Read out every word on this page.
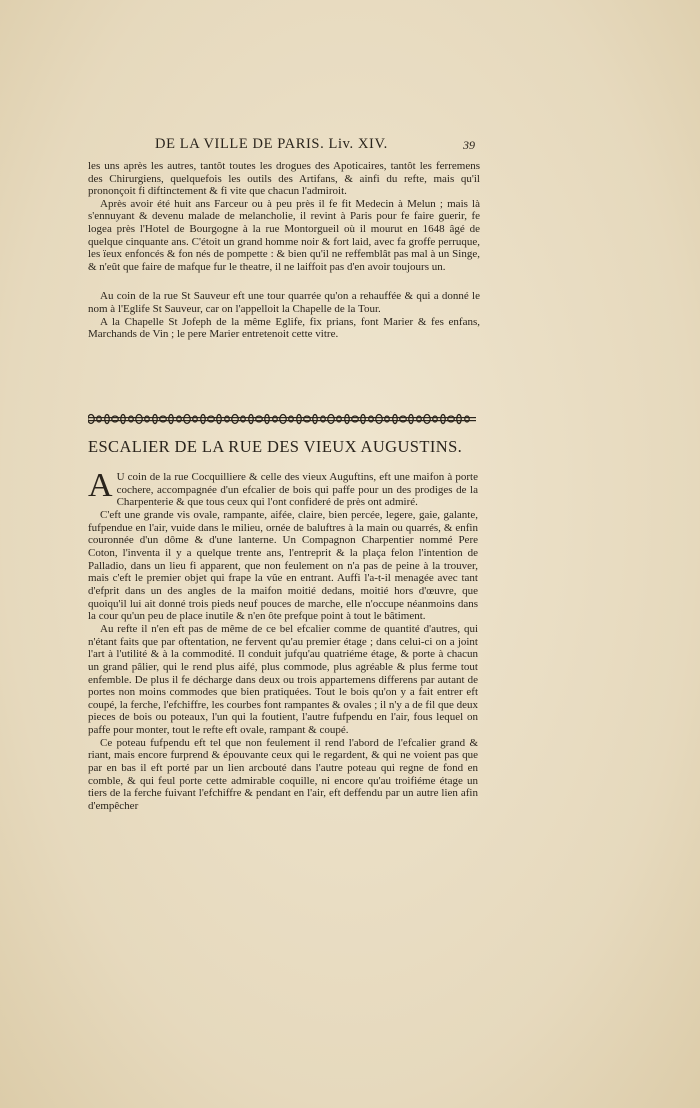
DE LA VILLE DE PARIS. Liv. XIV.	39

les uns après les autres, tantôt toutes les drogues des Apoticaires, tantôt les ferremens des Chirurgiens, quelquefois les outils des Artifans, & ainfi du refte, mais qu'il prononçoit fi diftinctement & fi vite que chacun l'admiroit.

Après avoir été huit ans Farceur ou à peu près il fe fit Medecin à Melun ; mais là s'ennuyant & devenu malade de melancholie, il revint à Paris pour fe faire guerir, fe logea près l'Hotel de Bourgogne à la rue Montorgueil où il mourut en 1648 âgé de quelque cinquante ans. C'étoit un grand homme noir & fort laid, avec fa groffe perruque, les ïeux enfoncés & fon nés de pompette : & bien qu'il ne reffemblât pas mal à un Singe, & n'eût que faire de mafque fur le theatre, il ne laiffoit pas d'en avoir toujours un.

Au coin de la rue St Sauveur eft une tour quarrée qu'on a rehauffée & qui a donné le nom à l'Eglife St Sauveur, car on l'appelloit la Chapelle de la Tour.

A la Chapelle St Jofeph de la même Eglife, fix prians, font Marier & fes enfans, Marchands de Vin ; le pere Marier entretenoit cette vitre.

ESCALIER DE LA RUE DES VIEUX AUGUSTINS.

A U coin de la rue Cocquilliere & celle des vieux Auguftins, eft une maifon à porte cochere, accompagnée d'un efcalier de bois qui paffe pour un des prodiges de la Charpenterie & que tous ceux qui l'ont confideré de près ont admiré.

C'eft une grande vis ovale, rampante, aifée, claire, bien percée, legere, gaie, galante, fufpendue en l'air, vuide dans le milieu, ornée de baluftres à la main ou quarrés, & enfin couronnée d'un dôme & d'une lanterne. Un Compagnon Charpentier nommé Pere Coton, l'inventa il y a quelque trente ans, l'entreprit & la plaça felon l'intention de Palladio, dans un lieu fi apparent, que non feulement on n'a pas de peine à la trouver, mais c'eft le premier objet qui frape la vûe en entrant. Auffi l'a-t-il menagée avec tant d'efprit dans un des angles de la maifon moitié dedans, moitié hors d'œuvre, que quoiqu'il lui ait donné trois pieds neuf pouces de marche, elle n'occupe néanmoins dans la cour qu'un peu de place inutile & n'en ôte prefque point à tout le bâtiment.

Au refte il n'en eft pas de même de ce bel efcalier comme de quantité d'autres, qui n'étant faits que par oftentation, ne fervent qu'au premier étage ; dans celui-ci on a joint l'art à l'utilité & à la commodité. Il conduit jufqu'au quatriéme étage, & porte à chacun un grand pâlier, qui le rend plus aifé, plus commode, plus agréable & plus ferme tout enfemble. De plus il fe décharge dans deux ou trois appartemens differens par autant de portes non moins commodes que bien pratiquées. Tout le bois qu'on y a fait entrer eft coupé, la ferche, l'efchiffre, les courbes font rampantes & ovales ; il n'y a de fil que deux pieces de bois ou poteaux, l'un qui la foutient, l'autre fufpendu en l'air, fous lequel on paffe pour monter, tout le refte eft ovale, rampant & coupé.

Ce poteau fufpendu eft tel que non feulement il rend l'abord de l'efcalier grand & riant, mais encore furprend & épouvante ceux qui le regardent, & qui ne voient pas que par en bas il eft porté par un lien arcbouté dans l'autre poteau qui regne de fond en comble, & qui feul porte cette admirable coquille, ni encore qu'au troifiéme étage un tiers de la ferche fuivant l'efchiffre & pendant en l'air, eft deffendu par un autre lien afin d'empêcher
